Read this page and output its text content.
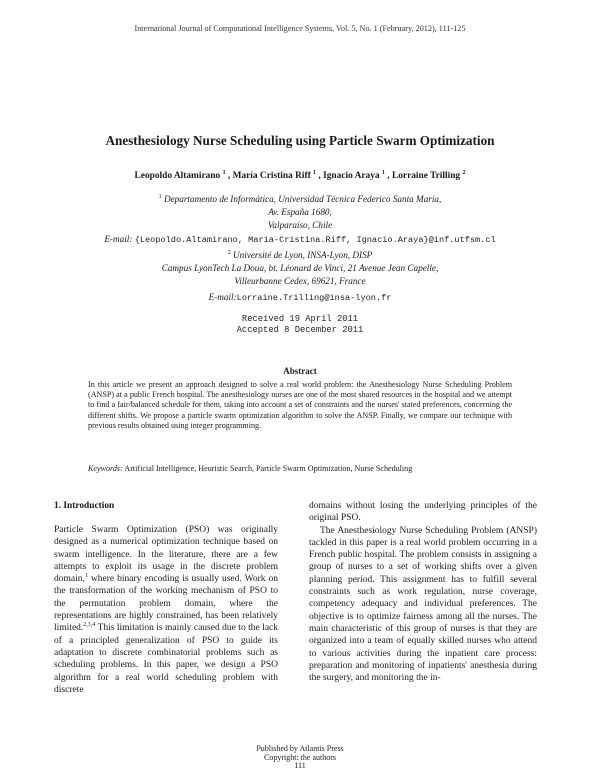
International Journal of Computational Intelligence Systems, Vol. 5, No. 1 (February, 2012), 111-125
Anesthesiology Nurse Scheduling using Particle Swarm Optimization
Leopoldo Altamirano $^1$ , María Cristina Riff $^1$ , Ignacio Araya $^1$ , Lorraine Trilling $^2$
$^1$ Departamento de Informática, Universidad Técnica Federico Santa María,
Av. España 1680,
Valparaíso, Chile
E-mail: {Leopoldo.Altamirano, Maria-Cristina.Riff, Ignacio.Araya}@inf.utfsm.cl
$^2$ Université de Lyon, INSA-Lyon, DISP
Campus LyonTech La Doua, bt. Léonard de Vinci, 21 Avenue Jean Capelle,
Villeurbanne Cedex, 69621, France
E-mail:Lorraine.Trilling@insa-lyon.fr
Received 19 April 2011
Accepted 8 December 2011
Abstract
In this article we present an approach designed to solve a real world problem: the Anesthesiology Nurse Scheduling Problem (ANSP) at a public French hospital. The anesthesiology nurses are one of the most shared resources in the hospital and we attempt to find a fair/balanced schedule for them, taking into account a set of constraints and the nurses' stated preferences, concerning the different shifts. We propose a particle swarm optimization algorithm to solve the ANSP. Finally, we compare our technique with previous results obtained using integer programming.
Keywords: Artificial Intelligence, Heuristic Search, Particle Swarm Optimization, Nurse Scheduling
1. Introduction

Particle Swarm Optimization (PSO) was originally designed as a numerical optimization technique based on swarm intelligence. In the literature, there are a few attempts to exploit its usage in the discrete problem domain,$^1$ where binary encoding is usually used. Work on the transformation of the working mechanism of PSO to the permutation problem domain, where the representations are highly constrained, has been relatively limited.$^{2,3,4}$ This limitation is mainly caused due to the lack of a principled generalization of PSO to guide its adaptation to discrete combinatorial problems such as scheduling problems. In this paper, we design a PSO algorithm for a real world scheduling problem with discrete

domains without losing the underlying principles of the original PSO.

The Anesthesiology Nurse Scheduling Problem (ANSP) tackled in this paper is a real world problem occurring in a French public hospital. The problem consists in assigning a group of nurses to a set of working shifts over a given planning period. This assignment has to fulfill several constraints such as work regulation, nurse coverage, competency adequacy and individual preferences. The objective is to optimize fairness among all the nurses. The main characteristic of this group of nurses is that they are organized into a team of equally skilled nurses who attend to various activities during the inpatient care process: preparation and monitoring of inpatients' anesthesia during the surgery, and monitoring the in-

Published by Atlantis Press
Copyright: the authors
111
